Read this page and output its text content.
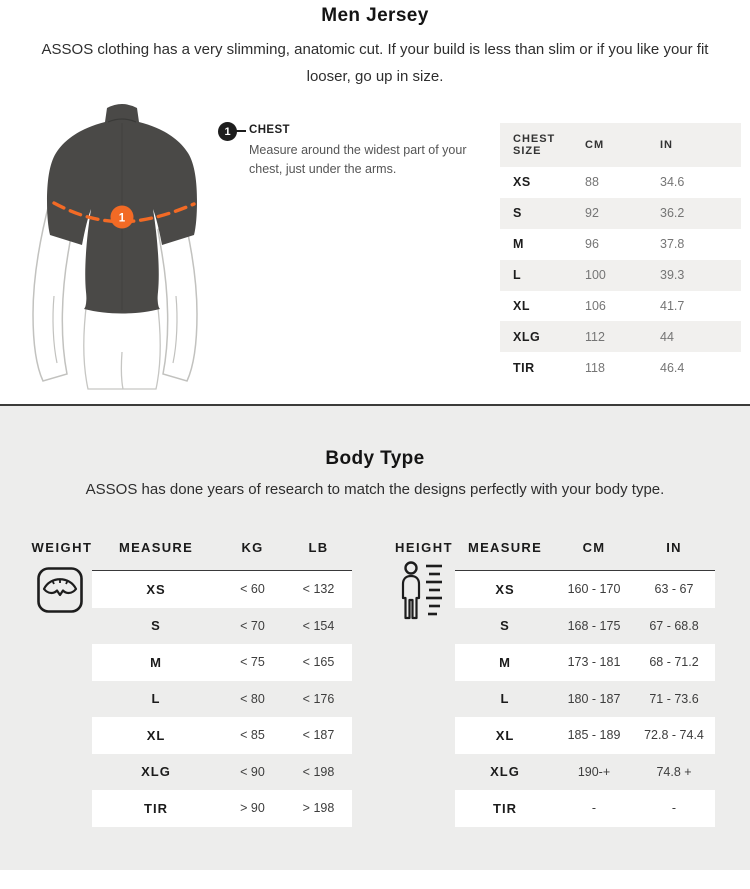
Men Jersey
ASSOS clothing has a very slimming, anatomic cut. If your build is less than slim or if you like your fit looser, go up in size.
1
1	CHEST
Measure around the widest part of your chest, just under the arms.
CHEST SIZE	CM	IN
XS	88	34.6
S	92	36.2
M	96	37.8
L	100	39.3
XL	106	41.7
XLG	112	44
TIR	118	46.4
Body Type
ASSOS has done years of research to match the designs perfectly with your body type.
WEIGHT	MEASURE	KG	LB
XS	< 60	< 132
S	< 70	< 154
M	< 75	< 165
L	< 80	< 176
XL	< 85	< 187
XLG	< 90	< 198
TIR	> 90	> 198
HEIGHT	MEASURE	CM	IN
XS	160 - 170	63 - 67
S	168 - 175	67 - 68.8
M	173 - 181	68 - 71.2
L	180 - 187	71 - 73.6
XL	185 - 189	72.8 - 74.4
XLG	190-+	74.8 +
TIR	-	-
